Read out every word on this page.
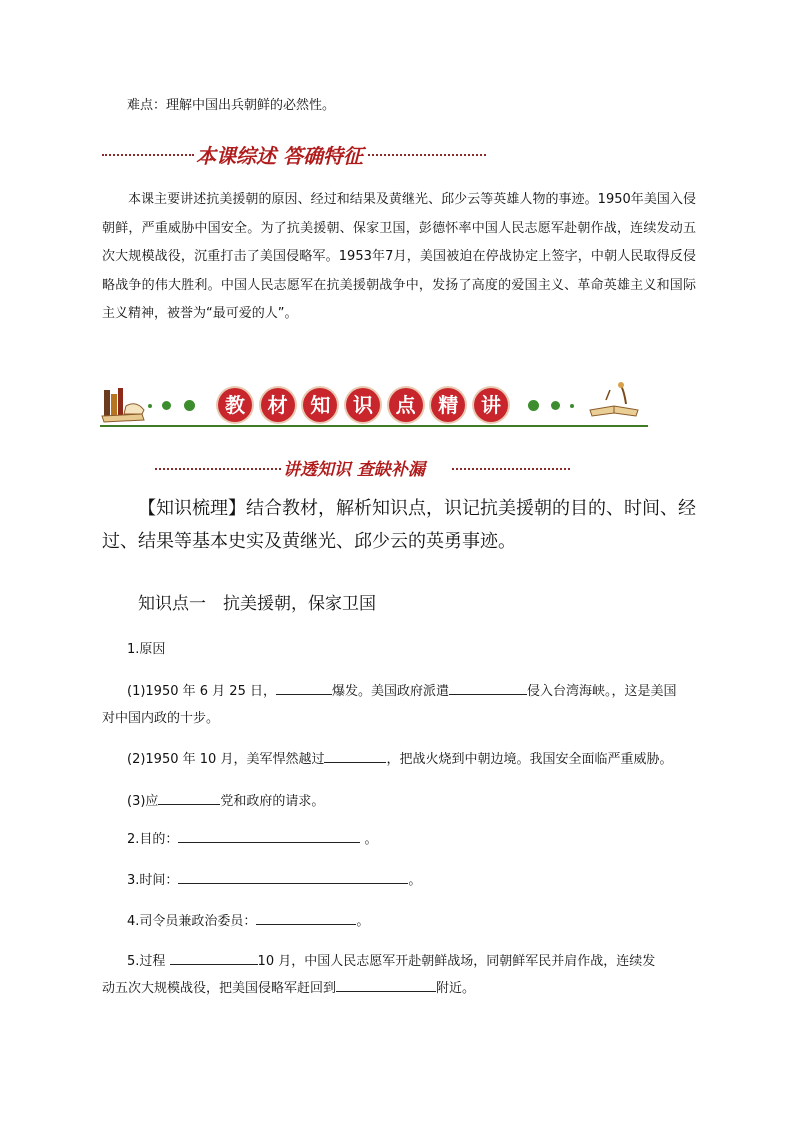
难点：理解中国出兵朝鲜的必然性。
本课综述 答确特征
本课主要讲述抗美援朝的原因、经过和结果及黄继光、邱少云等英雄人物的事迹。1950年美国入侵朝鲜，严重威胁中国安全。为了抗美援朝、保家卫国，彭德怀率中国人民志愿军赴朝作战，连续发动五次大规模战役，沉重打击了美国侵略军。1953年7月，美国被迫在停战协定上签字，中朝人民取得反侵略战争的伟大胜利。中国人民志愿军在抗美援朝战争中，发扬了高度的爱国主义、革命英雄主义和国际主义精神，被誉为“最可爱的人”。
教	材	知	识	点	精	讲
讲透知识 查缺补漏
【知识梳理】结合教材，解析知识点，识记抗美援朝的目的、时间、经过、结果等基本史实及黄继光、邱少云的英勇事迹。
知识点一　抗美援朝，保家卫国
1.原因
(1)1950 年 6 月 25 日，	爆发。美国政府派遣	侵入台湾海峡。，这是美国
对中国内政的十步。
(2)1950 年 10 月，美军悍然越过	，把战火烧到中朝边境。我国安全面临严重威胁。
(3)应	党和政府的请求。
2.目的：	。
3.时间：	。
4.司令员兼政治委员：	。
5.过程	10 月，中国人民志愿军开赴朝鲜战场，同朝鲜军民并肩作战，连续发
动五次大规模战役，把美国侵略军赶回到	附近。
